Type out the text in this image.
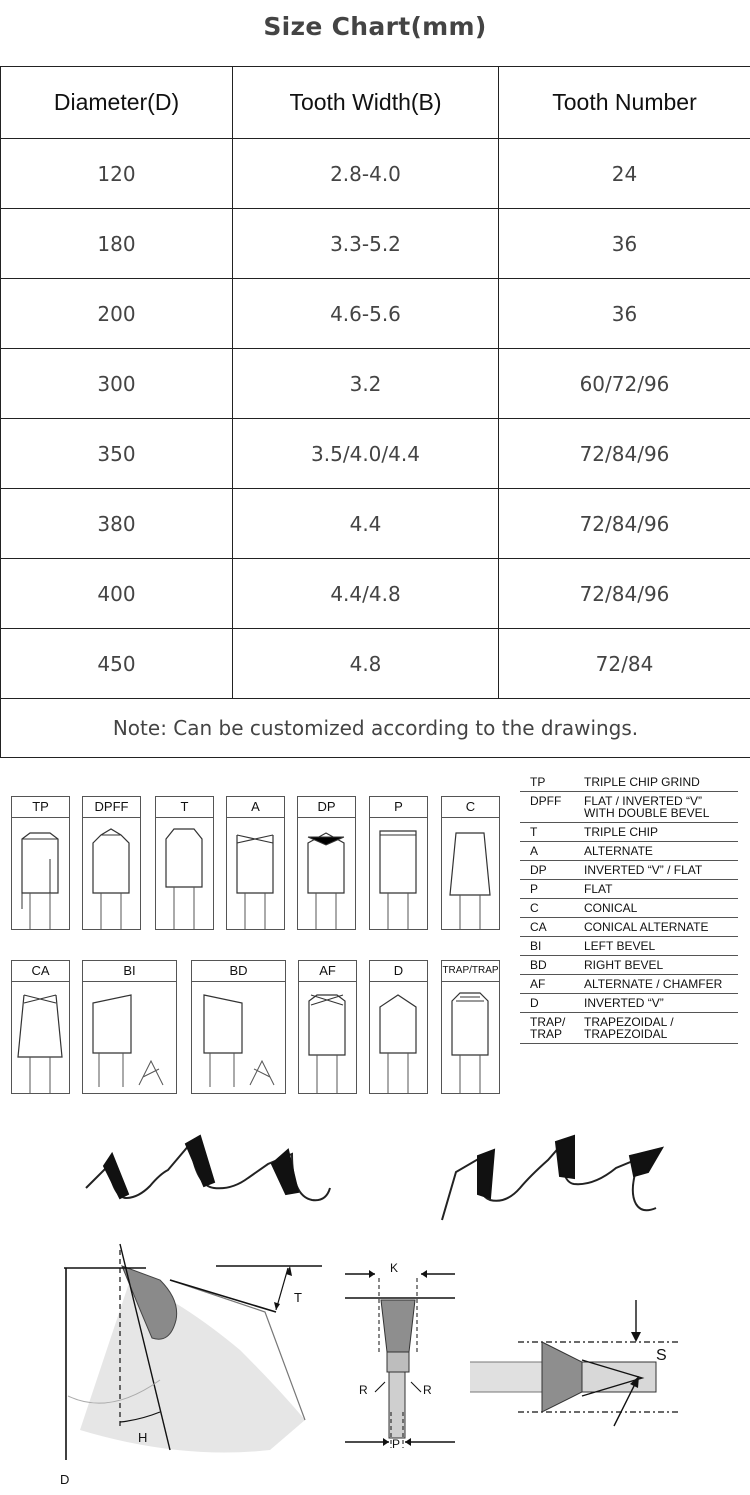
Size Chart(mm)
Diameter(D)	Tooth Width(B)	Tooth Number
120	2.8-4.0	24
180	3.3-5.2	36
200	4.6-5.6	36
300	3.2	60/72/96
350	3.5/4.0/4.4	72/84/96
380	4.4	72/84/96
400	4.4/4.8	72/84/96
450	4.8	72/84
Note: Can be customized according to the drawings.		
TP	DPFF	T	A	DP	P	C
CA	BI	BD	AF	D	TRAP/TRAP
TP	TRIPLE CHIP GRIND
DPFF	FLAT / INVERTED “V” WITH DOUBLE BEVEL
T	TRIPLE CHIP
A	ALTERNATE
DP	INVERTED “V” / FLAT
P	FLAT
C	CONICAL
CA	CONICAL ALTERNATE
BI	LEFT BEVEL
BD	RIGHT BEVEL
AF	ALTERNATE / CHAMFER
D	INVERTED “V”
TRAP/ TRAP	TRAPEZOIDAL / TRAPEZOIDAL
T
H
D
K
R	R
P
S
